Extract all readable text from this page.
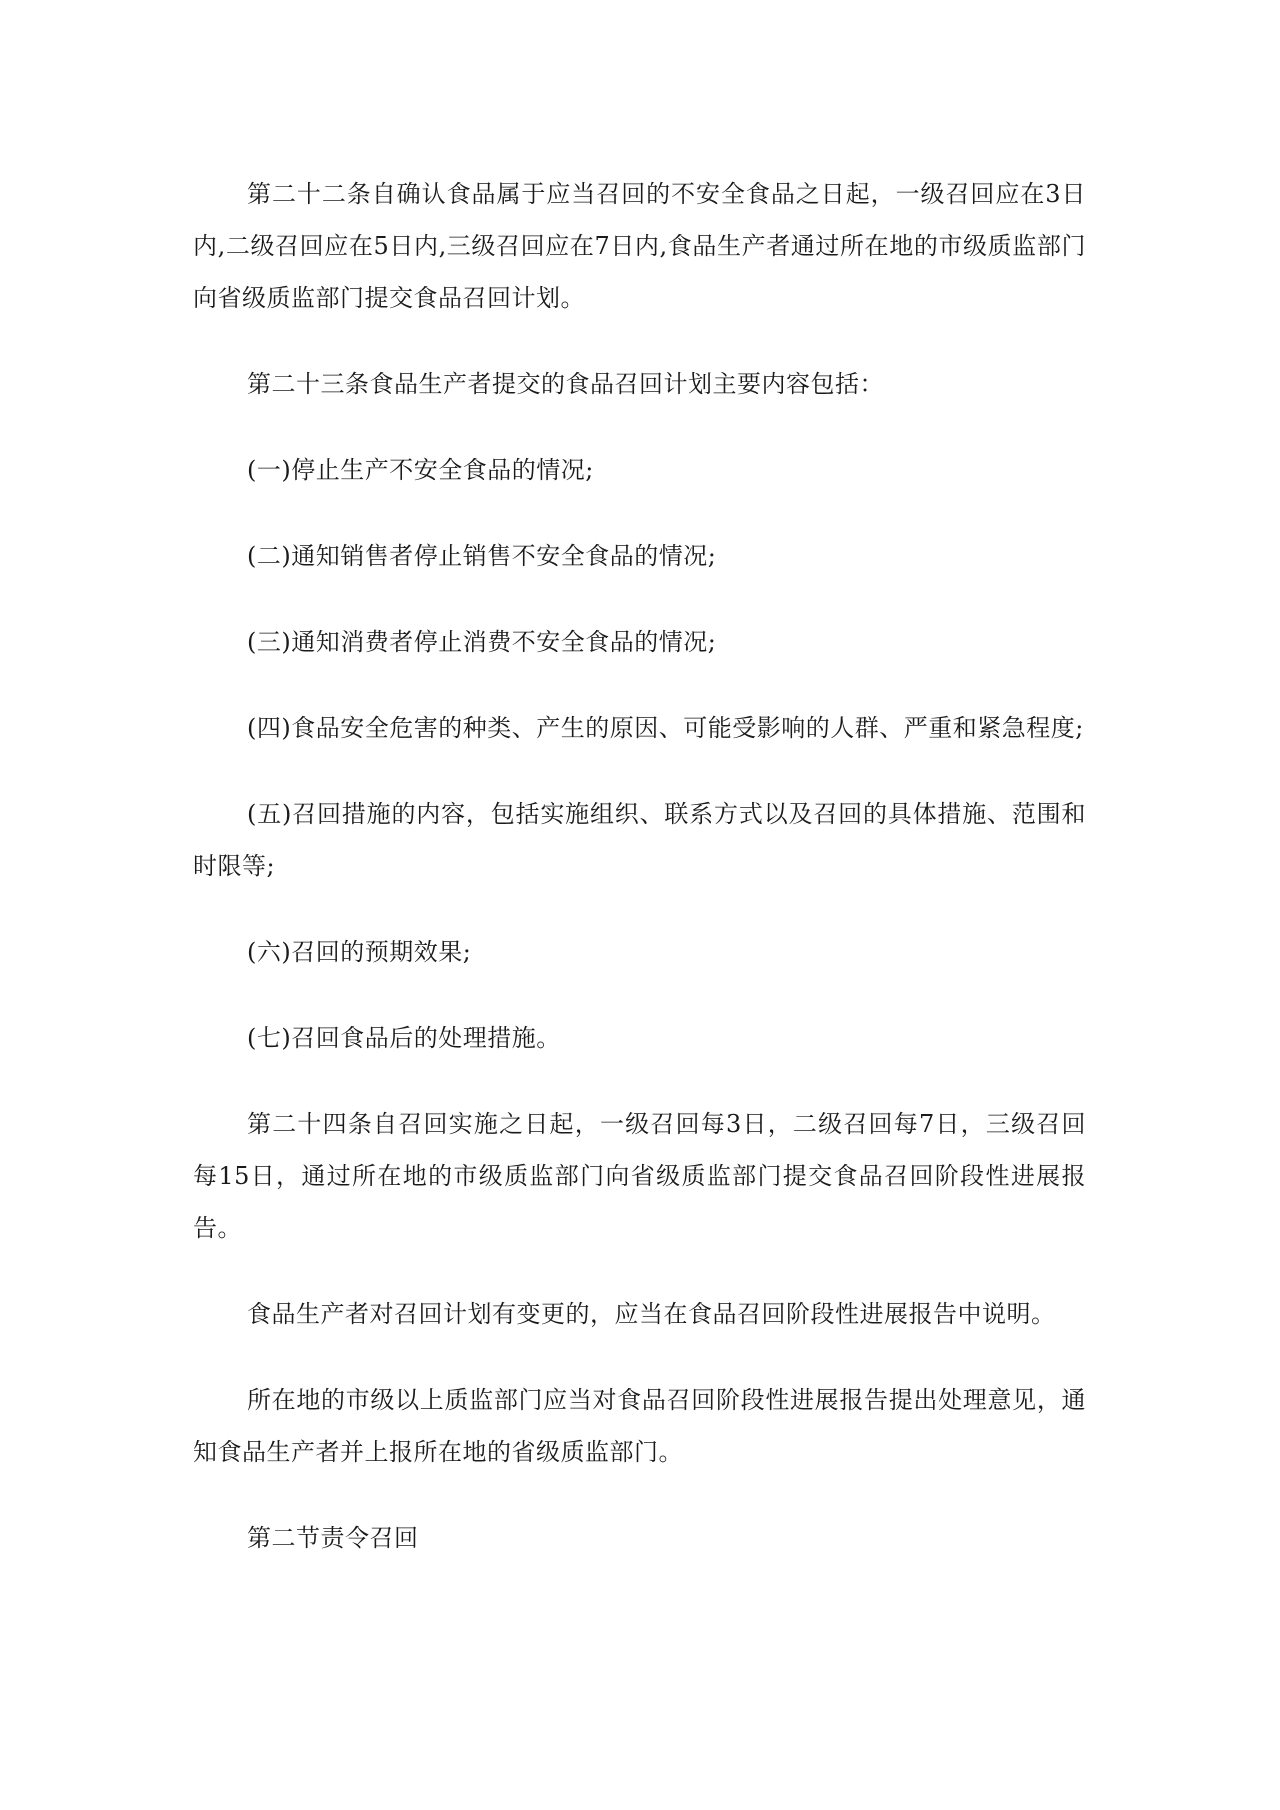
第二十二条自确认食品属于应当召回的不安全食品之日起，一级召回应在3日内,二级召回应在5日内,三级召回应在7日内,食品生产者通过所在地的市级质监部门向省级质监部门提交食品召回计划。

第二十三条食品生产者提交的食品召回计划主要内容包括：

(一)停止生产不安全食品的情况;

(二)通知销售者停止销售不安全食品的情况;

(三)通知消费者停止消费不安全食品的情况;

(四)食品安全危害的种类、产生的原因、可能受影响的人群、严重和紧急程度;

(五)召回措施的内容，包括实施组织、联系方式以及召回的具体措施、范围和时限等;

(六)召回的预期效果;

(七)召回食品后的处理措施。

第二十四条自召回实施之日起，一级召回每3日，二级召回每7日，三级召回每15日，通过所在地的市级质监部门向省级质监部门提交食品召回阶段性进展报告。

食品生产者对召回计划有变更的，应当在食品召回阶段性进展报告中说明。

所在地的市级以上质监部门应当对食品召回阶段性进展报告提出处理意见，通知食品生产者并上报所在地的省级质监部门。

第二节责令召回
